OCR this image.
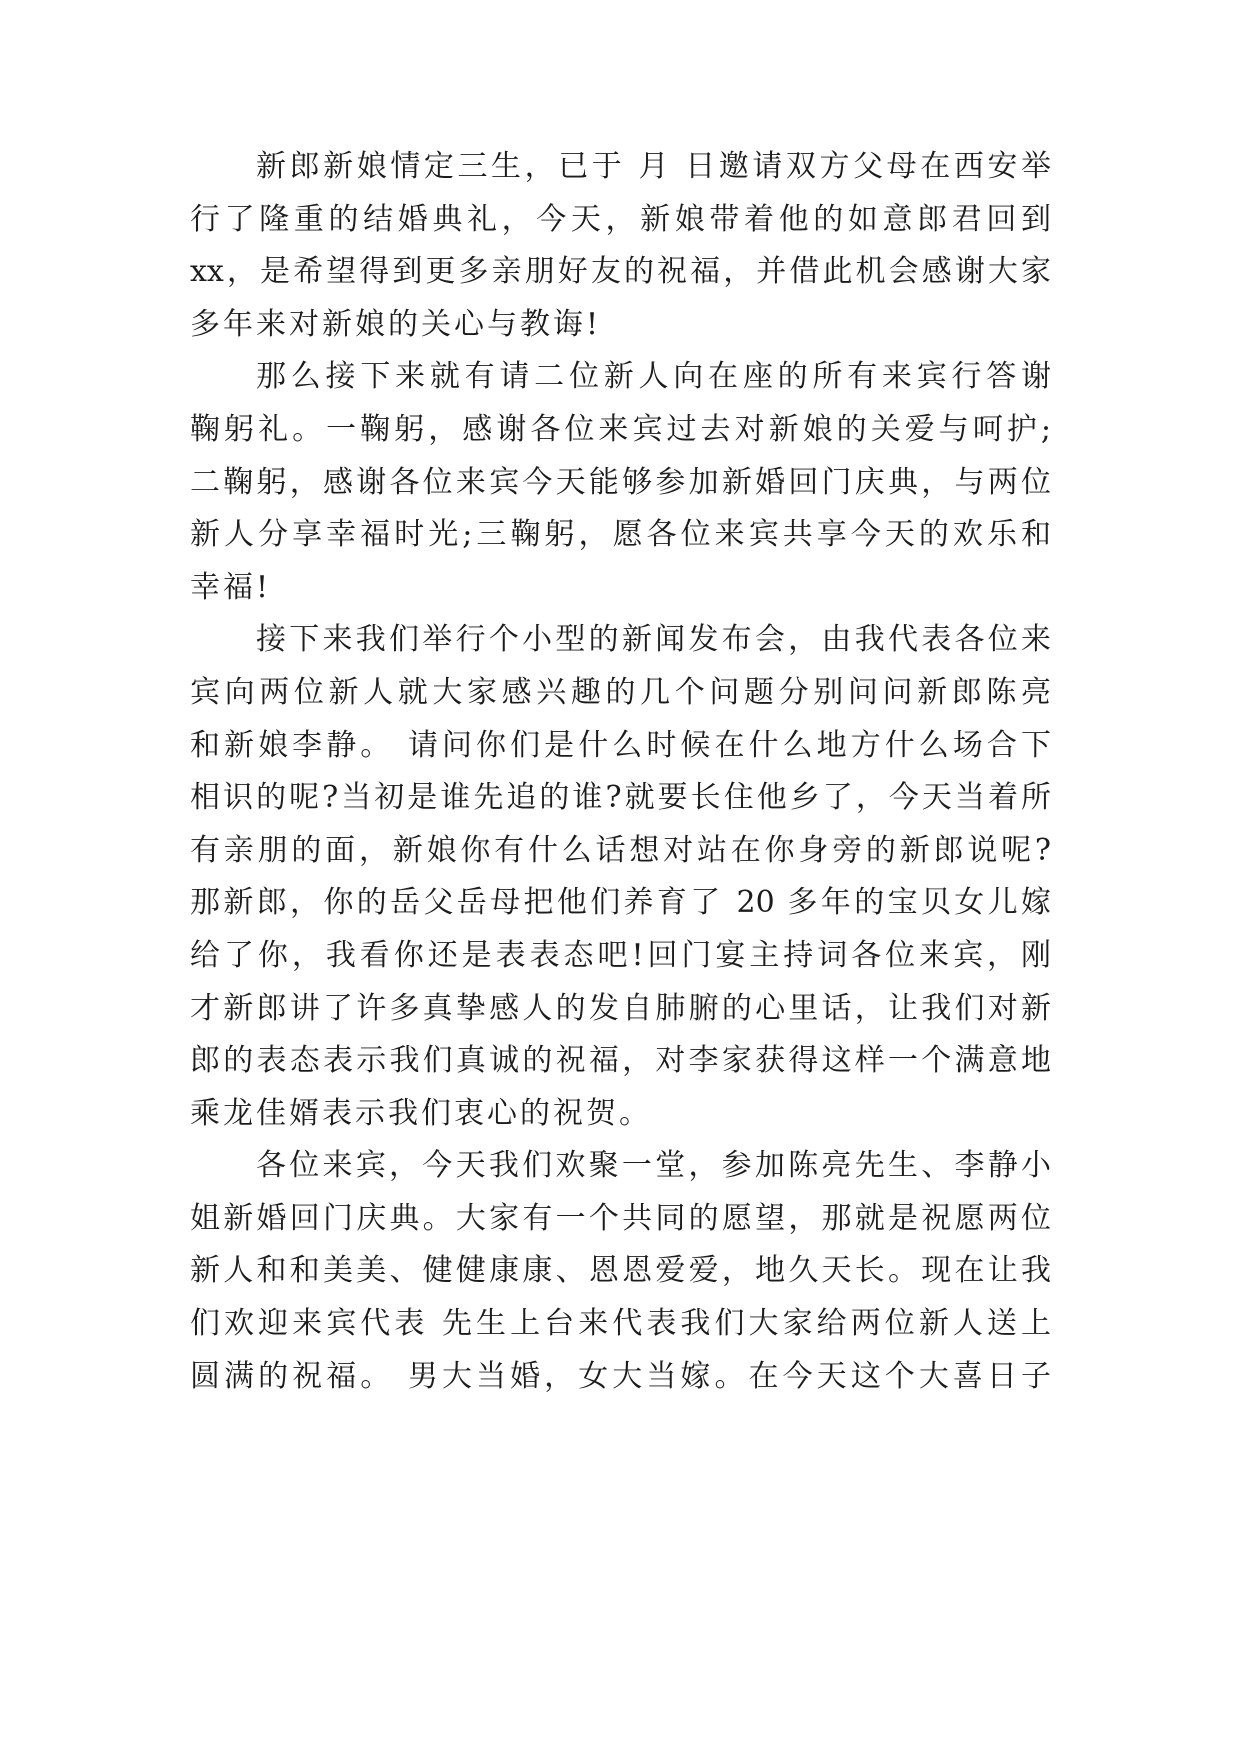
新郎新娘情定三生，已于 月 日邀请双方父母在西安举
行了隆重的结婚典礼，今天，新娘带着他的如意郎君回到
xx，是希望得到更多亲朋好友的祝福，并借此机会感谢大家
多年来对新娘的关心与教诲!
那么接下来就有请二位新人向在座的所有来宾行答谢
鞠躬礼。一鞠躬，感谢各位来宾过去对新娘的关爱与呵护;
二鞠躬，感谢各位来宾今天能够参加新婚回门庆典，与两位
新人分享幸福时光;三鞠躬，愿各位来宾共享今天的欢乐和
幸福!
接下来我们举行个小型的新闻发布会，由我代表各位来
宾向两位新人就大家感兴趣的几个问题分别问问新郎陈亮
和新娘李静。 请问你们是什么时候在什么地方什么场合下
相识的呢?当初是谁先追的谁?就要长住他乡了，今天当着所
有亲朋的面，新娘你有什么话想对站在你身旁的新郎说呢?
那新郎，你的岳父岳母把他们养育了 20 多年的宝贝女儿嫁
给了你，我看你还是表表态吧!回门宴主持词各位来宾，刚
才新郎讲了许多真挚感人的发自肺腑的心里话，让我们对新
郎的表态表示我们真诚的祝福，对李家获得这样一个满意地
乘龙佳婿表示我们衷心的祝贺。
各位来宾，今天我们欢聚一堂，参加陈亮先生、李静小
姐新婚回门庆典。大家有一个共同的愿望，那就是祝愿两位
新人和和美美、健健康康、恩恩爱爱，地久天长。现在让我
们欢迎来宾代表 先生上台来代表我们大家给两位新人送上
圆满的祝福。 男大当婚，女大当嫁。在今天这个大喜日子
